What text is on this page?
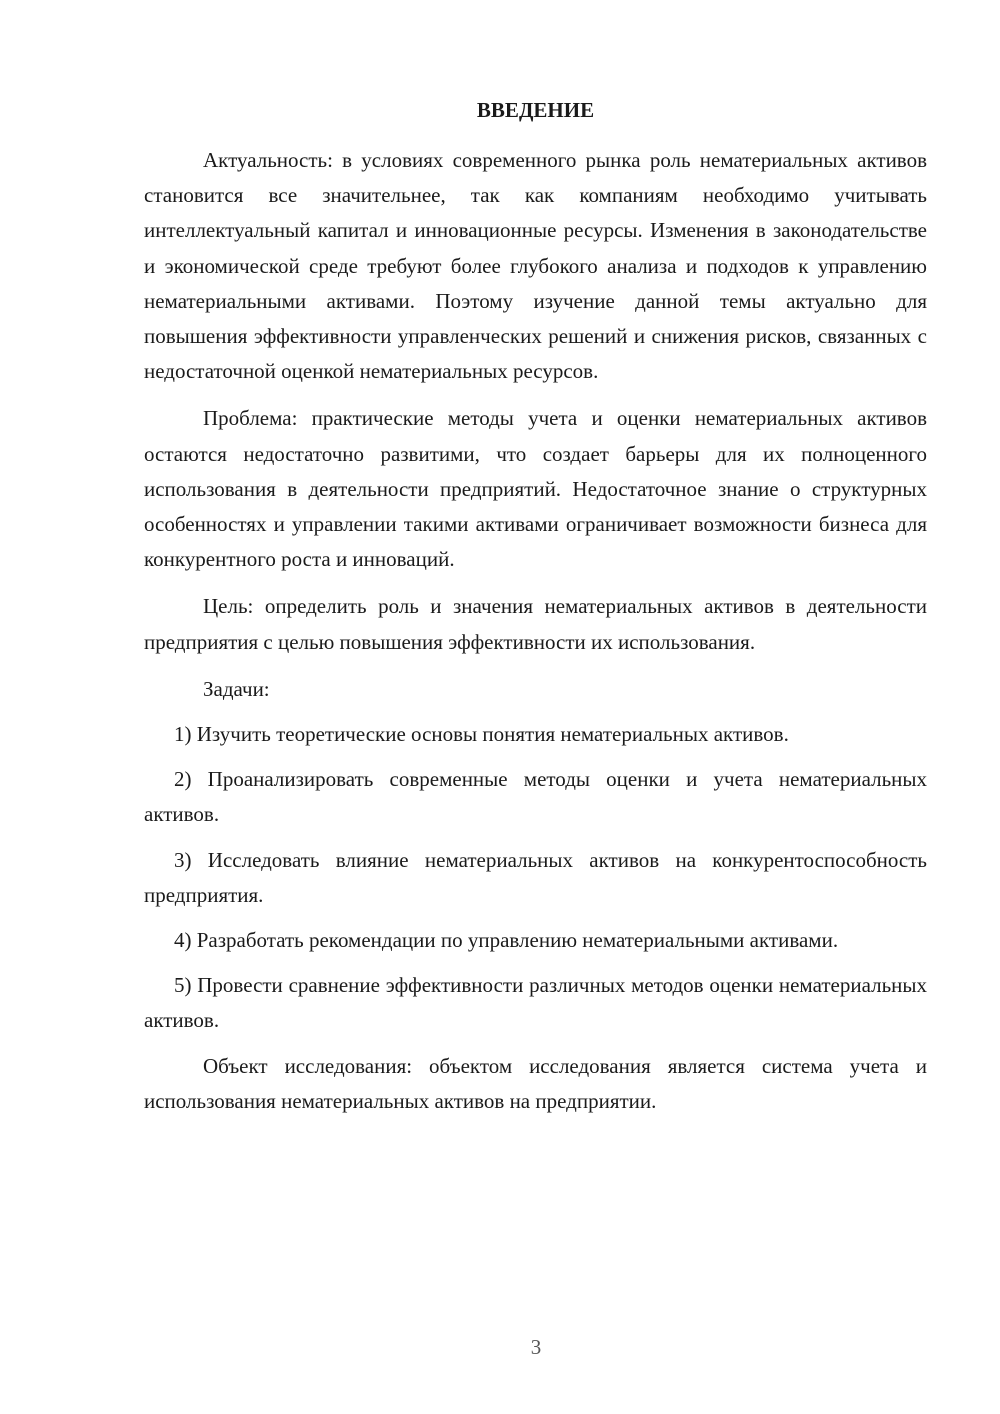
ВВЕДЕНИЕ

Актуальность: в условиях современного рынка роль нематериальных активов становится все значительнее, так как компаниям необходимо учитывать интеллектуальный капитал и инновационные ресурсы. Изменения в законодательстве и экономической среде требуют более глубокого анализа и подходов к управлению нематериальными активами. Поэтому изучение данной темы актуально для повышения эффективности управленческих решений и снижения рисков, связанных с недостаточной оценкой нематериальных ресурсов.

Проблема: практические методы учета и оценки нематериальных активов остаются недостаточно развитими, что создает барьеры для их полноценного использования в деятельности предприятий. Недостаточное знание о структурных особенностях и управлении такими активами ограничивает возможности бизнеса для конкурентного роста и инноваций.

Цель: определить роль и значения нематериальных активов в деятельности предприятия с целью повышения эффективности их использования.

Задачи:

1) Изучить теоретические основы понятия нематериальных активов.

2) Проанализировать современные методы оценки и учета нематериальных активов.

3) Исследовать влияние нематериальных активов на конкурентоспособность предприятия.

4) Разработать рекомендации по управлению нематериальными активами.

5) Провести сравнение эффективности различных методов оценки нематериальных активов.

Объект исследования: объектом исследования является система учета и использования нематериальных активов на предприятии.

3
